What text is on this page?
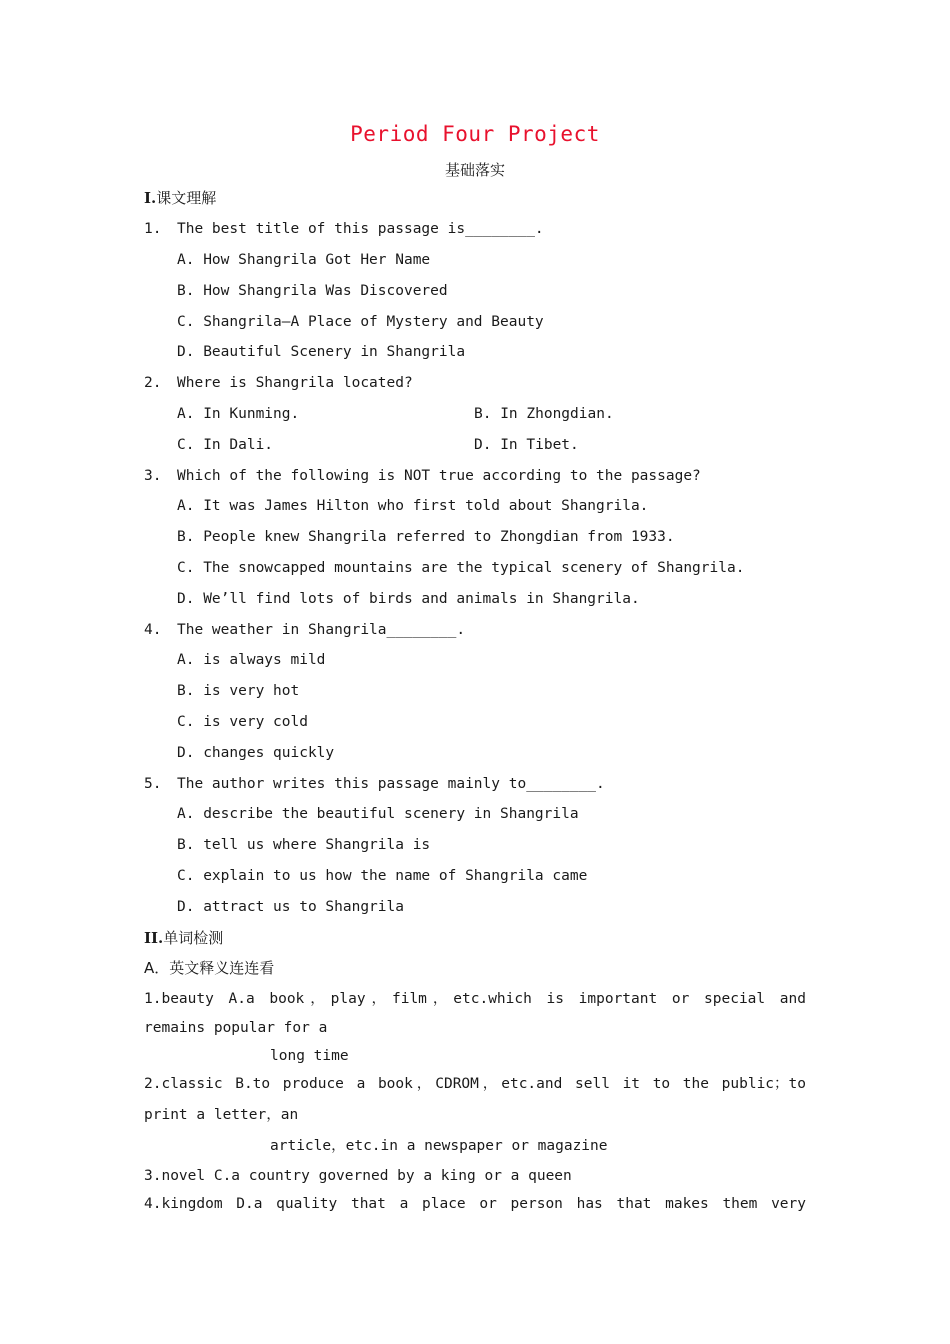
Period Four Project
基础落实
I.课文理解
1. The best title of this passage is________.
A. How Shangrila Got Her Name
B. How Shangrila Was Discovered
C. Shangrila—A Place of Mystery and Beauty
D. Beautiful Scenery in Shangrila
2. Where is Shangrila located?
A. In Kunming.	B. In Zhongdian.
C. In Dali.	D. In Tibet.
3. Which of the following is NOT true according to the passage?
A. It was James Hilton who first told about Shangrila.
B. People knew Shangrila referred to Zhongdian from 1933.
C. The snowcapped mountains are the typical scenery of Shangrila.
D. We’ll find lots of birds and animals in Shangrila.
4. The weather in Shangrila________.
A. is always mild
B. is very hot
C. is very cold
D. changes quickly
5. The author writes this passage mainly to________.
A. describe the beautiful scenery in Shangrila
B. tell us where Shangrila is
C. explain to us how the name of Shangrila came
D. attract us to Shangrila
II.单词检测
A．英文释义连连看
1.beauty A.a book，play，film，etc.which is important or special and
remains popular for a
long time
2.classic B.to produce a book，CDROM，etc.and sell it to the public；to
print a letter，an
article，etc.in a newspaper or magazine
3.novel C.a country governed by a king or a queen
4.kingdom D.a quality that a place or person has that makes them very
